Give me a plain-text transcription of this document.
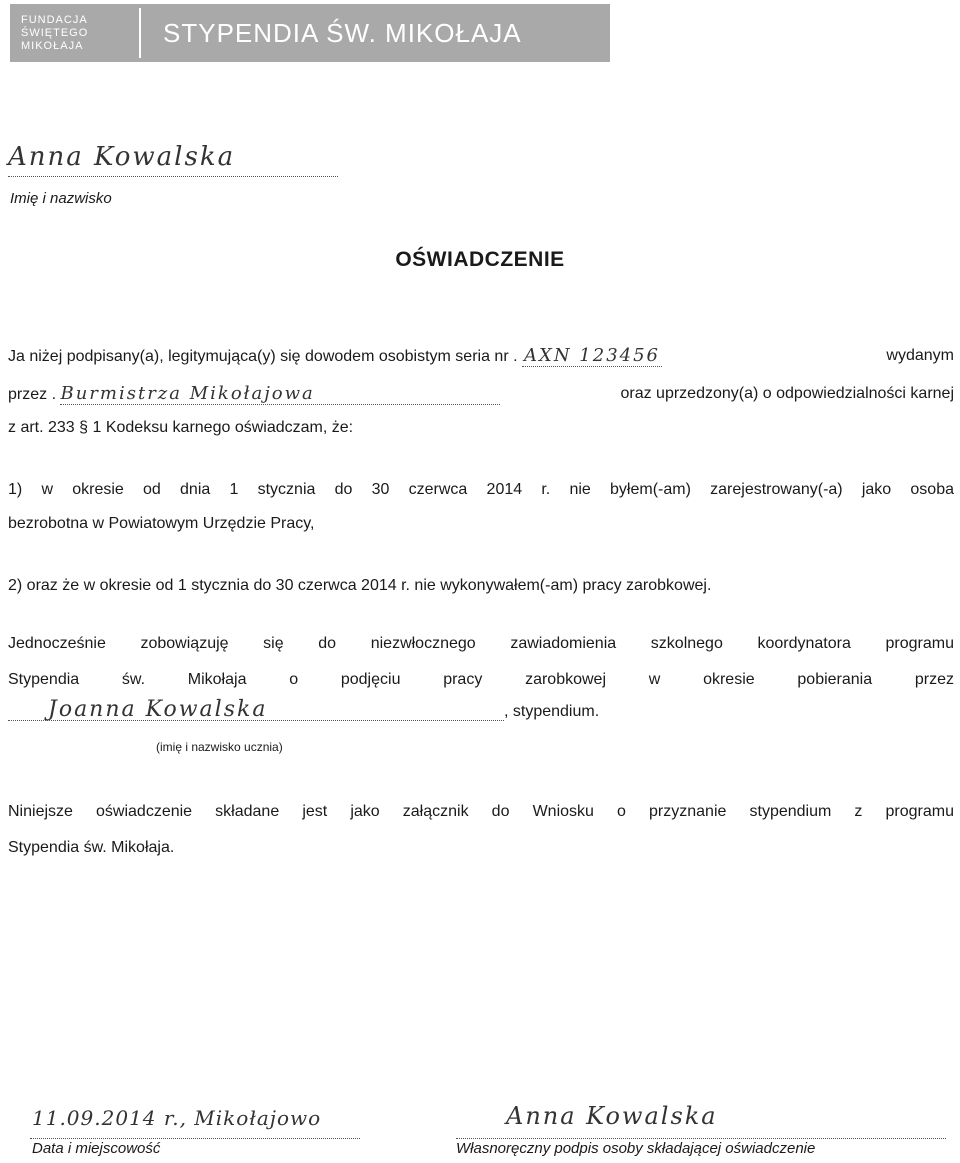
FUNDACJA
ŚWIĘTEGO
MIKOŁAJA	STYPENDIA ŚW. MIKOŁAJA
Anna Kowalska
Imię i nazwisko
OŚWIADCZENIE
Ja niżej podpisany(a), legitymująca(y) się dowodem osobistym seria nr . AXN 123456	wydanym
przez . Burmistrza Mikołajowa	oraz uprzedzony(a) o odpowiedzialności karnej
z art. 233 § 1 Kodeksu karnego oświadczam, że:
1) w okresie od dnia 1 stycznia do 30 czerwca 2014 r. nie byłem(-am) zarejestrowany(-a) jako osoba
bezrobotna w Powiatowym Urzędzie Pracy,
2) oraz że w okresie od 1 stycznia do 30 czerwca 2014 r. nie wykonywałem(-am) pracy zarobkowej.
Jednocześnie zobowiązuję się do niezwłocznego zawiadomienia szkolnego koordynatora programu
Stypendia św. Mikołaja o podjęciu pracy zarobkowej w okresie pobierania przez
Joanna Kowalska	, stypendium.
(imię i nazwisko ucznia)
Niniejsze oświadczenie składane jest jako załącznik do Wniosku o przyznanie stypendium z programu
Stypendia św. Mikołaja.
11.09.2014 r., Mikołajowo
Data i miejscowość
Anna Kowalska
Własnoręczny podpis osoby składającej oświadczenie
